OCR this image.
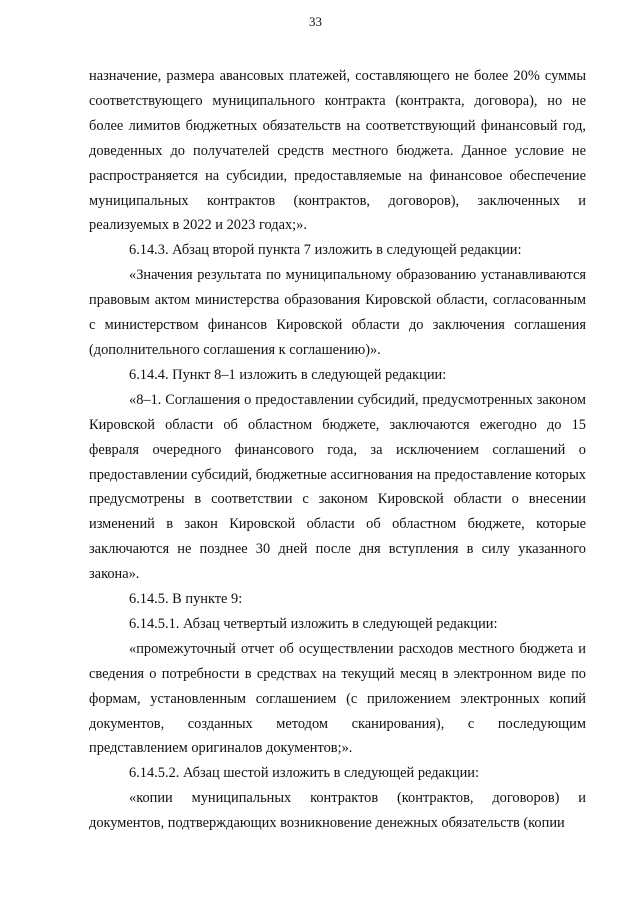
33

назначение, размера авансовых платежей, составляющего не более 20% суммы соответствующего муниципального контракта (контракта, договора), но не более лимитов бюджетных обязательств на соответствующий финансовый год, доведенных до получателей средств местного бюджета. Данное условие не распространяется на субсидии, предоставляемые на финансовое обеспечение муниципальных контрактов (контрактов, договоров), заключенных и реализуемых в 2022 и 2023 годах;».

6.14.3. Абзац второй пункта 7 изложить в следующей редакции:

«Значения результата по муниципальному образованию устанавливаются правовым актом министерства образования Кировской области, согласованным с министерством финансов Кировской области до заключения соглашения (дополнительного соглашения к соглашению)».

6.14.4. Пункт 8–1 изложить в следующей редакции:

«8–1. Соглашения о предоставлении субсидий, предусмотренных законом Кировской области об областном бюджете, заключаются ежегодно до 15 февраля очередного финансового года, за исключением соглашений о предоставлении субсидий, бюджетные ассигнования на предоставление которых предусмотрены в соответствии с законом Кировской области о внесении изменений в закон Кировской области об областном бюджете, которые заключаются не позднее 30 дней после дня вступления в силу указанного закона».

6.14.5. В пункте 9:

6.14.5.1. Абзац четвертый изложить в следующей редакции:

«промежуточный отчет об осуществлении расходов местного бюджета и сведения о потребности в средствах на текущий месяц в электронном виде по формам, установленным соглашением (с приложением электронных копий документов, созданных методом сканирования), с последующим представлением оригиналов документов;».

6.14.5.2. Абзац шестой изложить в следующей редакции:

«копии муниципальных контрактов (контрактов, договоров) и документов, подтверждающих возникновение денежных обязательств (копии
